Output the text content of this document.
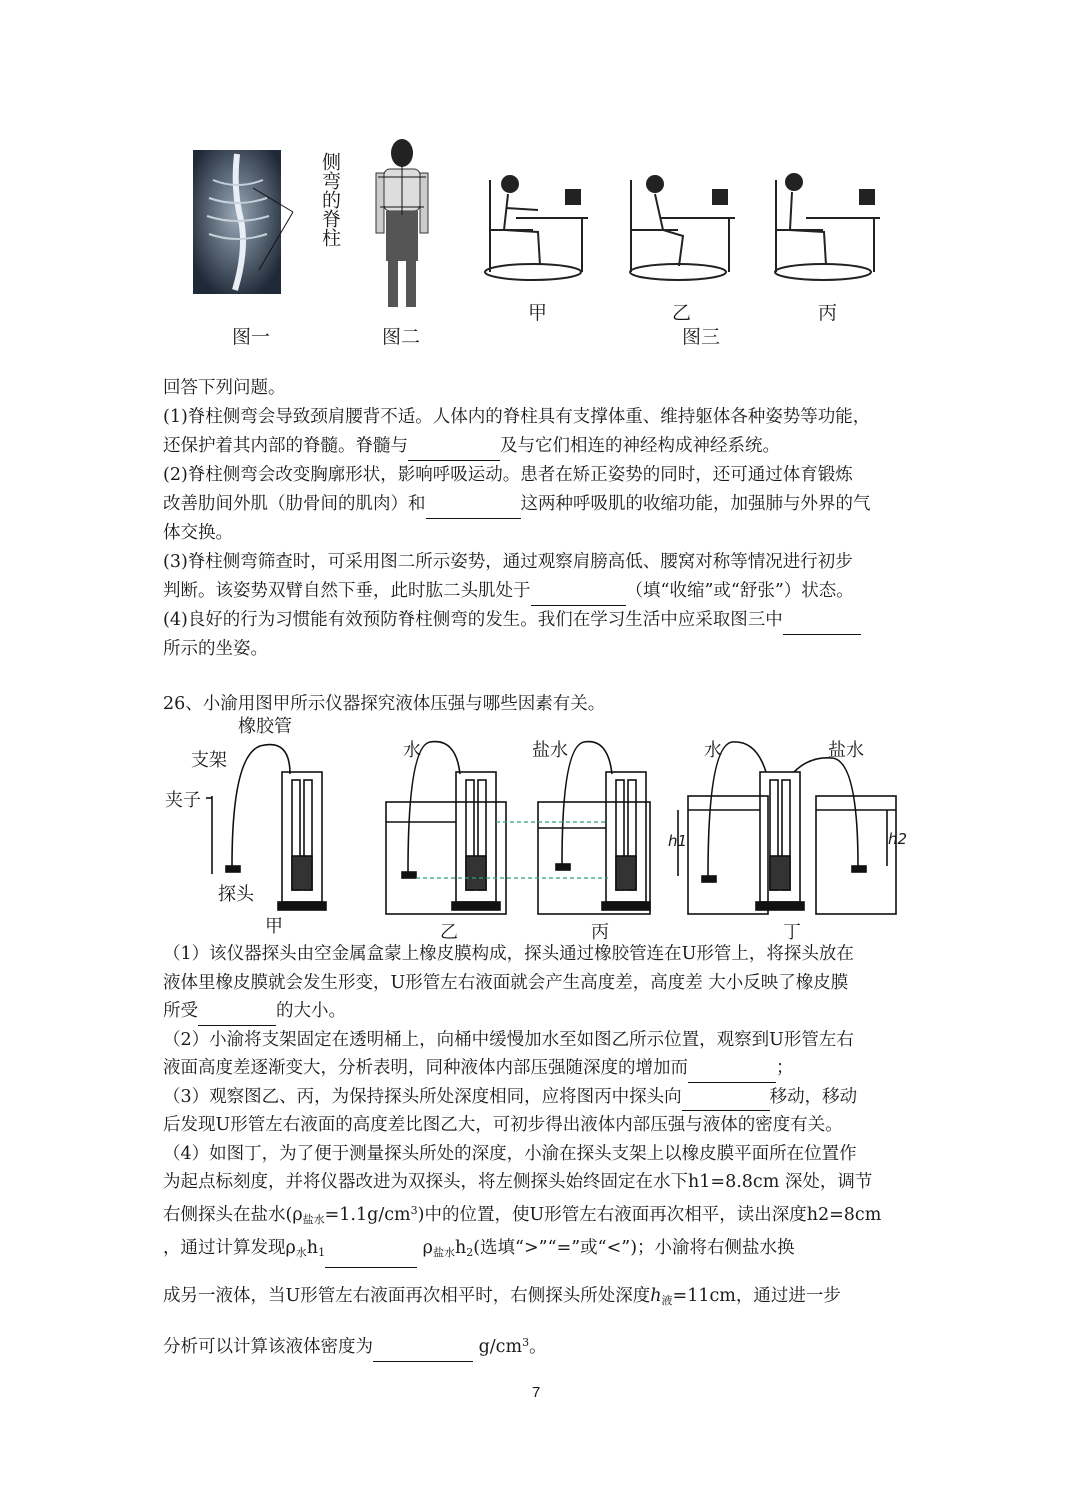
侧弯的脊柱
图一	图二
甲	乙	丙
图三

回答下列问题。

(1)脊柱侧弯会导致颈肩腰背不适。人体内的脊柱具有支撑体重、维持躯体各种姿势等功能，

还保护着其内部的脊髓。脊髓与	及与它们相连的神经构成神经系统。

(2)脊柱侧弯会改变胸廓形状，影响呼吸运动。患者在矫正姿势的同时，还可通过体育锻炼

改善肋间外肌（肋骨间的肌肉）和	这两种呼吸肌的收缩功能，加强肺与外界的气

体交换。

(3)脊柱侧弯筛查时，可采用图二所示姿势，通过观察肩膀高低、腰窝对称等情况进行初步

判断。该姿势双臂自然下垂，此时肱二头肌处于	（填“收缩”或“舒张”）状态。

(4)良好的行为习惯能有效预防脊柱侧弯的发生。我们在学习生活中应采取图三中

所示的坐姿。

26、小渝用图甲所示仪器探究液体压强与哪些因素有关。
橡胶管
支架
夹子
探头
水	盐水	水	盐水
h1	h2
甲	乙	丙	丁

（1）该仪器探头由空金属盒蒙上橡皮膜构成，探头通过橡胶管连在U形管上，将探头放在

液体里橡皮膜就会发生形变，U形管左右液面就会产生高度差，高度差 大小反映了橡皮膜

所受	的大小。

（2）小渝将支架固定在透明桶上，向桶中缓慢加水至如图乙所示位置，观察到U形管左右

液面高度差逐渐变大，分析表明，同种液体内部压强随深度的增加而	；

（3）观察图乙、丙，为保持探头所处深度相同，应将图丙中探头向	移动，移动

后发现U形管左右液面的高度差比图乙大，可初步得出液体内部压强与液体的密度有关。

（4）如图丁，为了便于测量探头所处的深度，小渝在探头支架上以橡皮膜平面所在位置作

为起点标刻度，并将仪器改进为双探头，将左侧探头始终固定在水下h1=8.8cm 深处，调节

右侧探头在盐水$(\rho_{盐水}=1.1g/cm^3)$中的位置，使U形管左右液面再次相平，读出深度h2=8cm

，通过计算发现$\rho_水h_1$	$\rho_{盐水}h_2$(选填“>”“=”或“<”)；小渝将右侧盐水换

成另一液体，当U形管左右液面再次相平时，右侧探头所处深度$h_液=11cm$，通过进一步

分析可以计算该液体密度为	$g/cm^3$。

7
